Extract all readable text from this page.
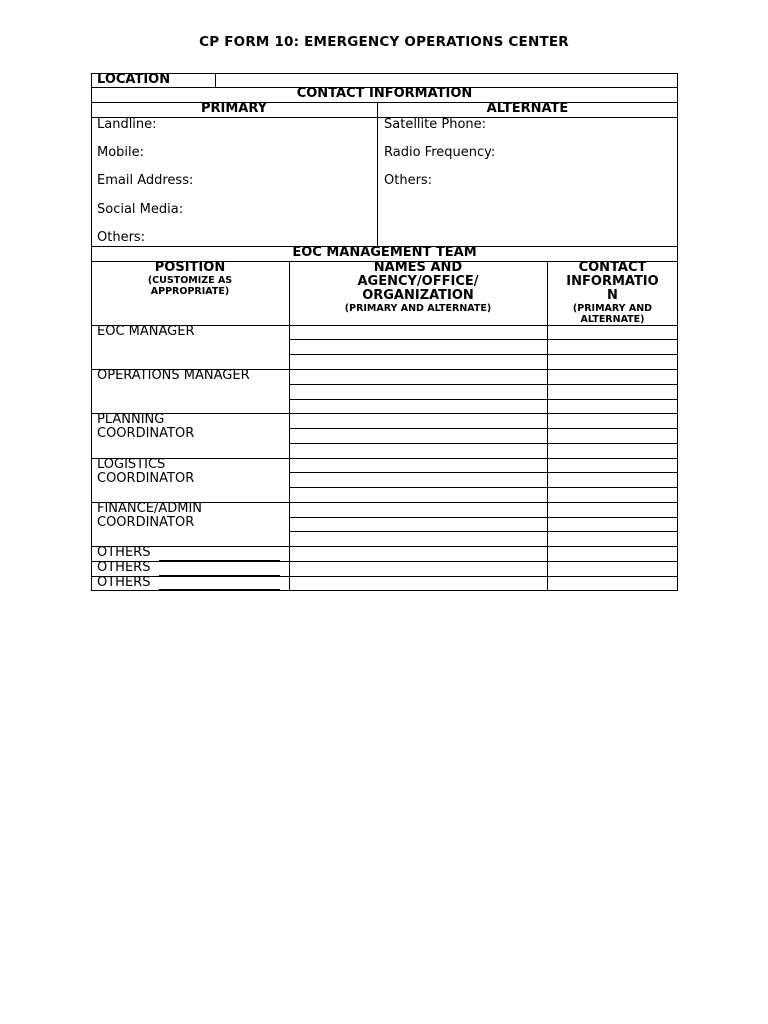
CP FORM 10: EMERGENCY OPERATIONS CENTER
LOCATION
CONTACT INFORMATION
PRIMARY	ALTERNATE
Landline:
Mobile:
Email Address:
Social Media:
Others:
Satellite Phone:
Radio Frequency:
Others:
EOC MANAGEMENT TEAM
POSITION
(CUSTOMIZE AS APPROPRIATE)
NAMES AND
AGENCY/OFFICE/
ORGANIZATION
(PRIMARY AND ALTERNATE)
CONTACT
INFORMATIO
N
(PRIMARY AND
ALTERNATE)
EOC MANAGER
OPERATIONS MANAGER
PLANNING
COORDINATOR
LOGISTICS
COORDINATOR
FINANCE/ADMIN
COORDINATOR
OTHERS
OTHERS
OTHERS
